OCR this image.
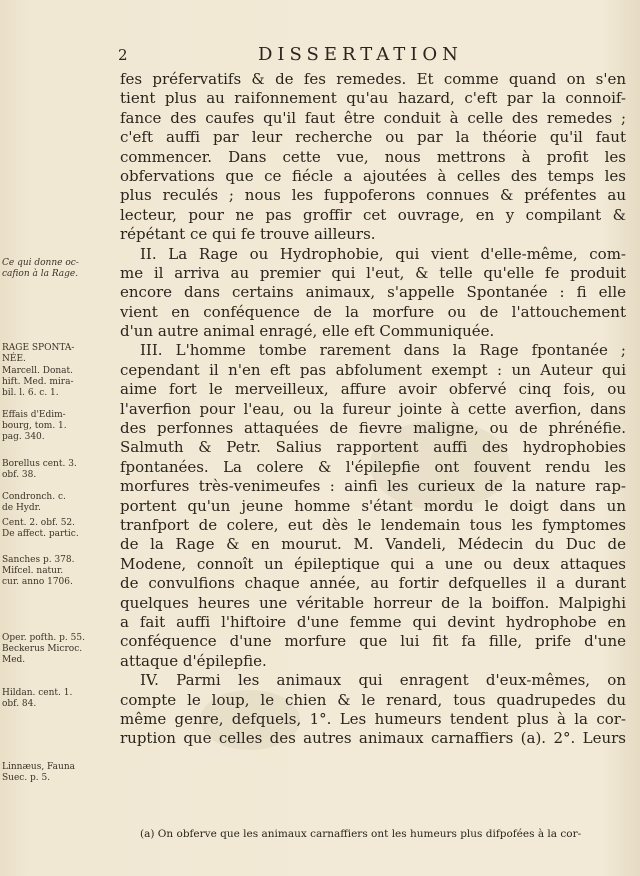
2	DISSERTATION
fes préfervatifs & de fes remedes. Et comme quand on s'en
tient plus au raifonnement qu'au hazard, c'eft par la connoif-
fance des caufes qu'il faut être conduit à celle des remedes ;
c'eft auffi par leur recherche ou par la théorie qu'il faut
commencer. Dans cette vue, nous mettrons à profit les
obfervations que ce fiécle a ajoutées à celles des temps les
plus reculés ; nous les fuppoferons connues & préfentes au
lecteur, pour ne pas groffir cet ouvrage, en y compilant &
répétant ce qui fe trouve ailleurs.
II. La Rage ou Hydrophobie, qui vient d'elle-même, com-
me il arriva au premier qui l'eut, & telle qu'elle fe produit
encore dans certains animaux, s'appelle Spontanée : fi elle
vient en conféquence de la morfure ou de l'attouchement
d'un autre animal enragé, elle eft Communiquée.
III. L'homme tombe rarement dans la Rage fpontanée ;
cependant il n'en eft pas abfolument exempt : un Auteur qui
aime fort le merveilleux, affure avoir obfervé cinq fois, ou
l'averfion pour l'eau, ou la fureur jointe à cette averfion, dans
des perfonnes attaquées de fievre maligne, ou de phrénéfie.
Salmuth & Petr. Salius rapportent auffi des hydrophobies
fpontanées. La colere & l'épilepfie ont fouvent rendu les
morfures très-venimeufes : ainfi les curieux de la nature rap-
portent qu'un jeune homme s'étant mordu le doigt dans un
tranfport de colere, eut dès le lendemain tous les fymptomes
de la Rage & en mourut. M. Vandeli, Médecin du Duc de
Modene, connoît un épileptique qui a une ou deux attaques
de convulfions chaque année, au fortir defquelles il a durant
quelques heures une véritable horreur de la boiffon. Malpighi
a fait auffi l'hiftoire d'une femme qui devint hydrophobe en
conféquence d'une morfure que lui fit fa fille, prife d'une
attaque d'épilepfie.
IV. Parmi les animaux qui enragent d'eux-mêmes, on
compte le loup, le chien & le renard, tous quadrupedes du
même genre, defquels, 1°. Les humeurs tendent plus à la cor-
ruption que celles des autres animaux carnaffiers (a). 2°. Leurs
Ce qui donne oc-
cafion à la Rage.
RAGE SPONTA-
NÉE.
Marcell. Donat.
hift. Med. mira-
bil. l. 6. c. 1.
Effais d'Edim-
bourg, tom. 1.
pag. 340.
Borellus cent. 3.
obf. 38.
Condronch. c.
de Hydr.
Cent. 2. obf. 52.
De affect. partic.
Sanches p. 378.
Mifcel. natur.
cur. anno 1706.
Oper. pofth. p. 55.
Beckerus Microc.
Med.
Hildan. cent. 1.
obf. 84.
Linnæus, Fauna
Suec. p. 5.
(a) On obferve que les animaux carnaffiers ont les humeurs plus difpofées à la cor-
